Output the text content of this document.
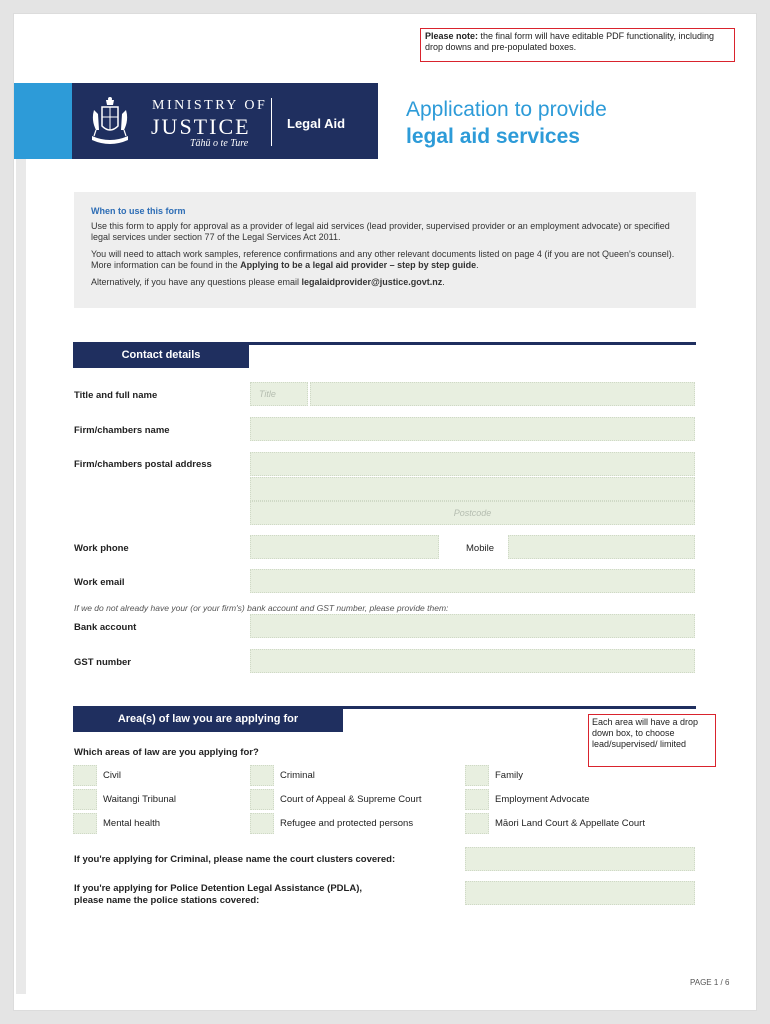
Please note: the final form will have editable PDF functionality, including drop downs and pre-populated boxes.
MINISTRY OF
JUSTICE
Tāhū o te Ture
Legal Aid
Application to provide
legal aid services
When to use this form

Use this form to apply for approval as a provider of legal aid services (lead provider, supervised provider or an employment advocate) or specified legal services under section 77 of the Legal Services Act 2011.

You will need to attach work samples, reference confirmations and any other relevant documents listed on page 4 (if you are not Queen's counsel). More information can be found in the Applying to be a legal aid provider – step by step guide.

Alternatively, if you have any questions please email legalaidprovider@justice.govt.nz.

Contact details
Title and full name	Title
Firm/chambers name
Firm/chambers postal address
Postcode
Work phone	Mobile
Work email
If we do not already have your (or your firm's) bank account and GST number, please provide them:
Bank account
GST number
Area(s) of law you are applying for	Each area will have a drop down box, to choose lead/supervised/ limited
Which areas of law are you applying for?
Civil	Criminal	Family
Waitangi Tribunal	Court of Appeal & Supreme Court	Employment Advocate
Mental health	Refugee and protected persons	Māori Land Court & Appellate Court
If you're applying for Criminal, please name the court clusters covered:
If you're applying for Police Detention Legal Assistance (PDLA),
please name the police stations covered:
PAGE 1 / 6
